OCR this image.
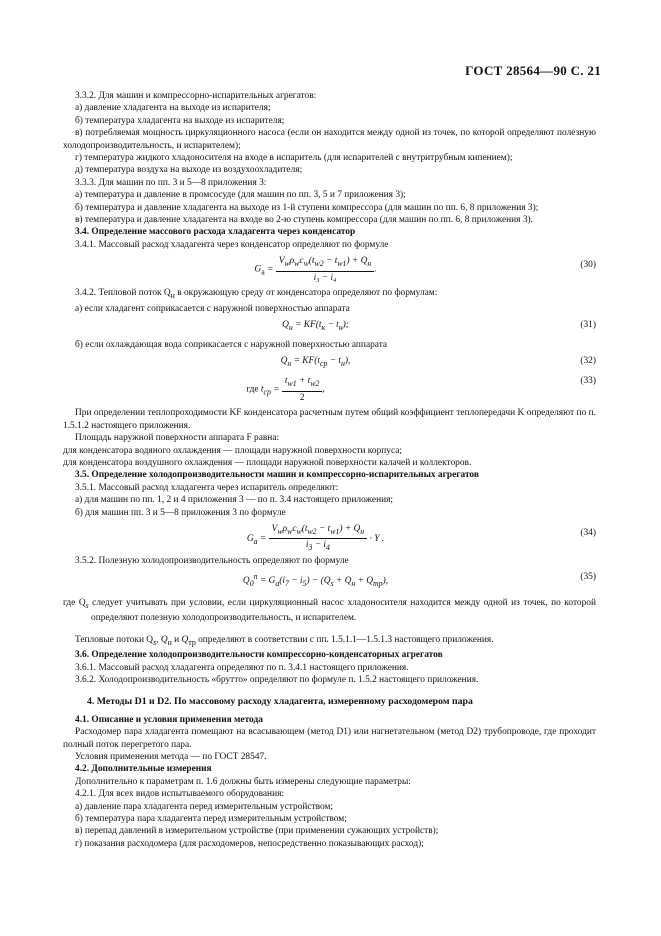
ГОСТ 28564—90 С. 21

3.3.2. Для машин и компрессорно-испарительных агрегатов:

а) давление хладагента на выходе из испарителя;

б) температура хладагента на выходе из испарителя;

в) потребляемая мощность циркуляционного насоса (если он находится между одной из точек, по которой определяют полезную холодопроизводительность, и испарителем);

г) температура жидкого хладоносителя на входе в испаритель (для испарителей с внутритрубным кипением);

д) температура воздуха на выходе из воздухоохладителя;

3.3.3. Для машин по пп. 3 и 5—8 приложения 3:

а) температура и давление в промсосуде (для машин по пп. 3, 5 и 7 приложения 3);

б) температура и давление хладагента на выходе из 1-й ступени компрессора (для машин по пп. 6, 8 приложения 3);

в) температура и давление хладагента на входе во 2-ю ступень компрессора (для машин по пп. 6, 8 приложения 3).

3.4. Определение массового расхода хладагента через конденсатор

3.4.1. Массовый расход хладагента через конденсатор определяют по формуле

$G_а = \frac{V_w\rho_wc_w(t_{w2} - t_{w1}) + Q_н}{\text{i₃ − i₄}}$ .	(30)

3.4.2. Тепловой поток $Q_н$ в окружающую среду от конденсатора определяют по формулам:

а) если хладагент соприкасается с наружной поверхностью аппарата

$Q_н = KF(t_к - t_н)$;	(31)

б) если охлаждающая вода соприкасается с наружной поверхностью аппарата

$Q_н = KF(t_{ср} - t_н)$,	(32)
где $t_{ср} = \frac{t_{w1} + t_{w2}}{2}$ ,
(33)

При определении теплопроходимости KF конденсатора расчетным путем общий коэффициент теплопередачи K определяют по п. 1.5.1.2 настоящего приложения.

Площадь наружной поверхности аппарата F равна:

для конденсатора водяного охлаждения — площади наружной поверхности корпуса;

для конденсатора воздушного охлаждения — площади наружной поверхности калачей и коллекторов.

3.5. Определение холодопроизводительности машин и компрессорно-испарительных агрегатов

3.5.1. Массовый расход хладагента через испаритель определяют:

а) для машин по пп. 1, 2 и 4 приложения 3 — по п. 3.4 настоящего приложения;

б) для машин пп. 3 и 5—8 приложения 3 по формуле

$G_а = \frac{V_w\rho_wc_w(t_{w2} - t_{w1}) + Q_н}{i_3 - i_4} \cdot Y$ .
(34)

3.5.2. Полезную холодопроизводительность определяют по формуле

$Q_0^п = G_а(i_7 - i_5) - (Q_s + Q_н + Q_{тр})$,	(35)

где $Q_s$ следует учитывать при условии, если циркуляционный насос хладоносителя находится между одной из точек, по которой определяют полезную холодопроизводительность, и испарителем.

Тепловые потоки $Q_s$, $Q_н$ и $Q_{тр}$ определяют в соответствии с пп. 1.5.1.1—1.5.1.3 настоящего приложения.

3.6. Определение холодопроизводительности компрессорно-конденсаторных агрегатов

3.6.1. Массовый расход хладагента определяют по п. 3.4.1 настоящего приложения.

3.6.2. Холодопроизводительность «брутто» определяют по формуле п. 1.5.2 настоящего приложения.

4. Методы D1 и D2. По массовому расходу хладагента, измеренному расходомером пара

4.1. Описание и условия применения метода

Расходомер пара хладагента помещают на всасывающем (метод D1) или нагнетательном (метод D2) трубопроводе, где проходит полный поток перегретого пара.

Условия применения метода — по ГОСТ 28547.

4.2. Дополнительные измерения

Дополнительно к параметрам п. 1.6 должны быть измерены следующие параметры:

4.2.1. Для всех видов испытываемого оборудования:

а) давление пара хладагента перед измерительным устройством;

б) температура пара хладагента перед измерительным устройством;

в) перепад давлений в измерительном устройстве (при применении сужающих устройств);

г) показания расходомера (для расходомеров, непосредственно показывающих расход);
